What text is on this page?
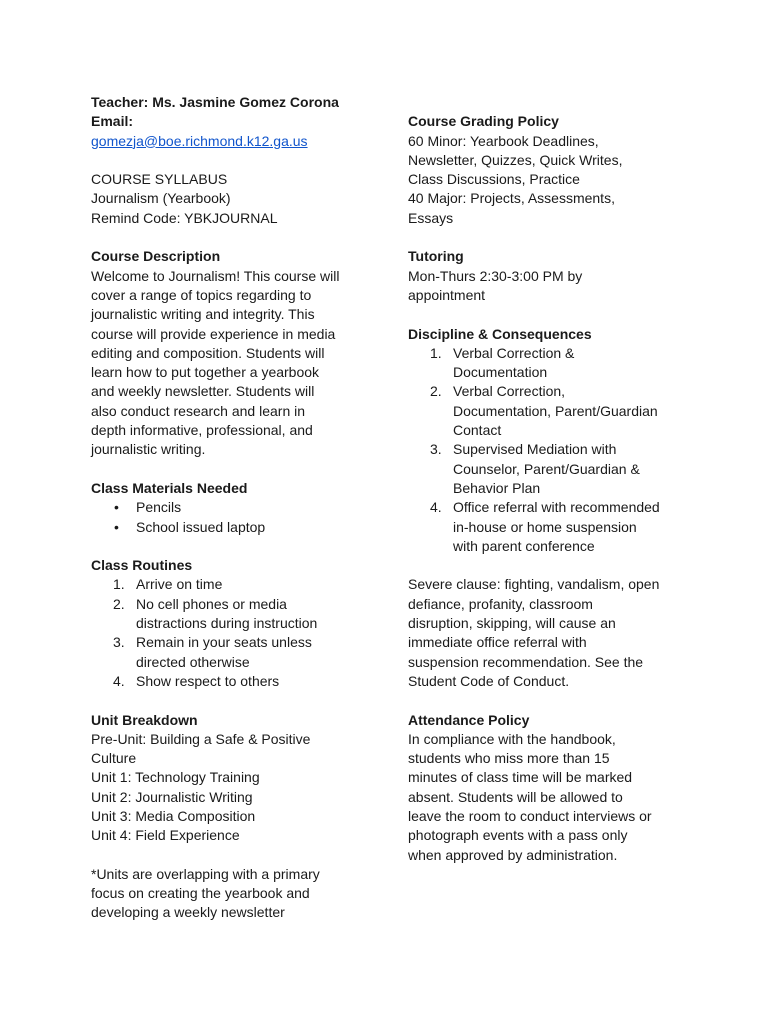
Teacher: Ms. Jasmine Gomez Corona
Email:
gomezja@boe.richmond.k12.ga.us
COURSE SYLLABUS
Journalism (Yearbook)
Remind Code: YBKJOURNAL
Course Description
Welcome to Journalism! This course will
cover a range of topics regarding to
journalistic writing and integrity. This
course will provide experience in media
editing and composition. Students will
learn how to put together a yearbook
and weekly newsletter. Students will
also conduct research and learn in
depth informative, professional, and
journalistic writing.
Class Materials Needed
• Pencils
• School issued laptop
Class Routines
1. Arrive on time
2. No cell phones or media
distractions during instruction
3. Remain in your seats unless
directed otherwise
4. Show respect to others
Unit Breakdown
Pre-Unit: Building a Safe & Positive
Culture
Unit 1: Technology Training
Unit 2: Journalistic Writing
Unit 3: Media Composition
Unit 4: Field Experience
*Units are overlapping with a primary
focus on creating the yearbook and
developing a weekly newsletter
Course Grading Policy
60 Minor: Yearbook Deadlines,
Newsletter, Quizzes, Quick Writes,
Class Discussions, Practice
40 Major: Projects, Assessments,
Essays
Tutoring
Mon-Thurs 2:30-3:00 PM by
appointment
Discipline & Consequences
1. Verbal Correction &
Documentation
2. Verbal Correction,
Documentation, Parent/Guardian
Contact
3. Supervised Mediation with
Counselor, Parent/Guardian &
Behavior Plan
4. Office referral with recommended
in-house or home suspension
with parent conference
Severe clause: fighting, vandalism, open
defiance, profanity, classroom
disruption, skipping, will cause an
immediate office referral with
suspension recommendation. See the
Student Code of Conduct.
Attendance Policy
In compliance with the handbook,
students who miss more than 15
minutes of class time will be marked
absent. Students will be allowed to
leave the room to conduct interviews or
photograph events with a pass only
when approved by administration.
